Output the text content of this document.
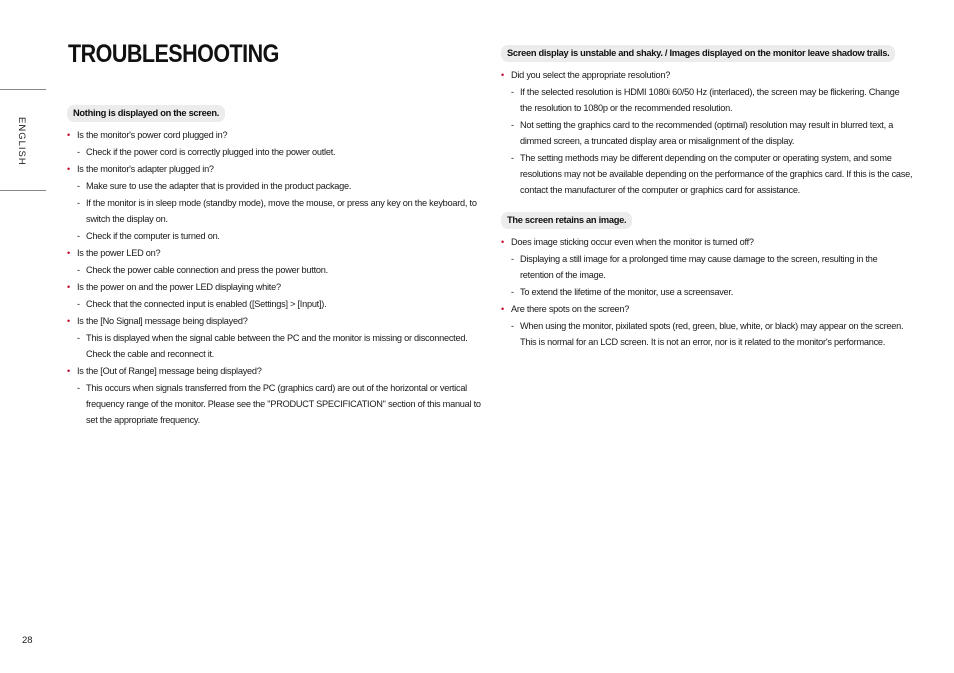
ENGLISH
TROUBLESHOOTING
Nothing is displayed on the screen.
• Is the monitor's power cord plugged in?
- Check if the power cord is correctly plugged into the power outlet.
• Is the monitor's adapter plugged in?
- Make sure to use the adapter that is provided in the product package.
- If the monitor is in sleep mode (standby mode), move the mouse, or press any key on the keyboard, to switch the display on.
- Check if the computer is turned on.
• Is the power LED on?
- Check the power cable connection and press the power button.
• Is the power on and the power LED displaying white?
- Check that the connected input is enabled ([Settings] > [Input]).
• Is the [No Signal] message being displayed?
- This is displayed when the signal cable between the PC and the monitor is missing or disconnected. Check the cable and reconnect it.
• Is the [Out of Range] message being displayed?
- This occurs when signals transferred from the PC (graphics card) are out of the horizontal or vertical frequency range of the monitor. Please see the "PRODUCT SPECIFICATION" section of this manual to set the appropriate frequency.
Screen display is unstable and shaky. / Images displayed on the monitor leave shadow trails.
• Did you select the appropriate resolution?
- If the selected resolution is HDMI 1080i 60/50 Hz (interlaced), the screen may be flickering. Change the resolution to 1080p or the recommended resolution.
- Not setting the graphics card to the recommended (optimal) resolution may result in blurred text, a dimmed screen, a truncated display area or misalignment of the display.
- The setting methods may be different depending on the computer or operating system, and some resolutions may not be available depending on the performance of the graphics card. If this is the case, contact the manufacturer of the computer or graphics card for assistance.
The screen retains an image.
• Does image sticking occur even when the monitor is turned off?
- Displaying a still image for a prolonged time may cause damage to the screen, resulting in the retention of the image.
- To extend the lifetime of the monitor, use a screensaver.
• Are there spots on the screen?
- When using the monitor, pixilated spots (red, green, blue, white, or black) may appear on the screen. This is normal for an LCD screen. It is not an error, nor is it related to the monitor's performance.
28
